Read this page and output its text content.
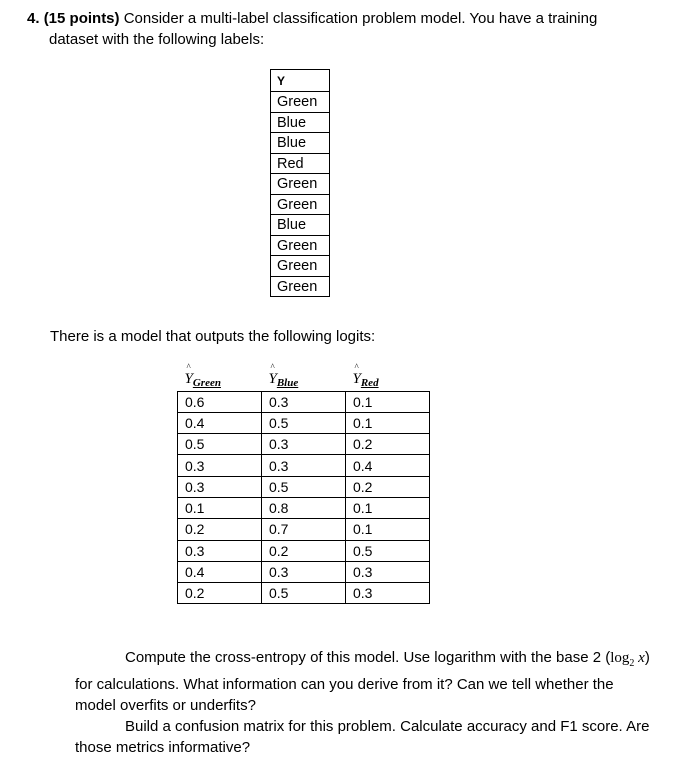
4. (15 points) Consider a multi-label classification problem model. You have a training
dataset with the following labels:
Y
Green
Blue
Blue
Red
Green
Green
Blue
Green
Green
Green
There is a model that outputs the following logits:
^
$Y_{Green}$	^
$Y_{Blue}$	^
$Y_{Red}$
0.6	0.3	0.1
0.4	0.5	0.1
0.5	0.3	0.2
0.3	0.3	0.4
0.3	0.5	0.2
0.1	0.8	0.1
0.2	0.7	0.1
0.3	0.2	0.5
0.4	0.3	0.3
0.2	0.5	0.3

Compute the cross-entropy of this model. Use logarithm with the base 2 ($\log_2$ x) for calculations. What information can you derive from it? Can we tell whether the model overfits or underfits?

Build a confusion matrix for this problem. Calculate accuracy and F1 score. Are those metrics informative?
